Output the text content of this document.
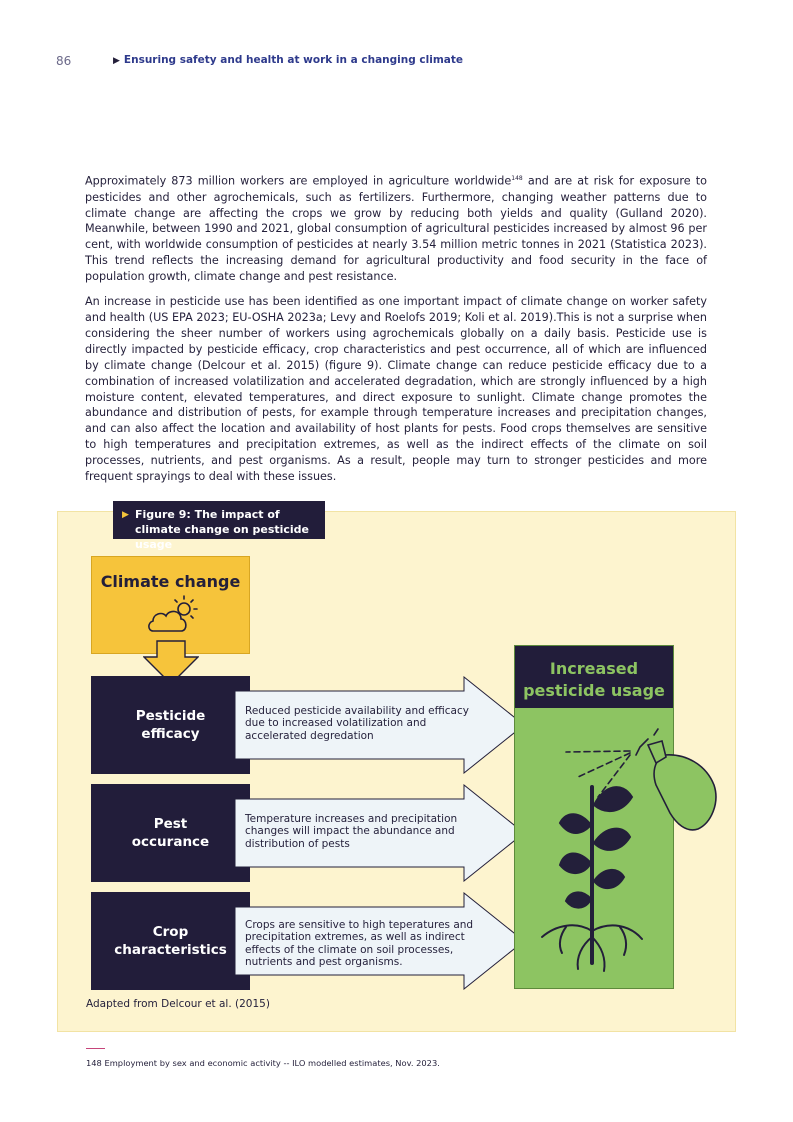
86	▶ Ensuring safety and health at work in a changing climate

Approximately 873 million workers are employed in agriculture worldwide$^{148}$ and are at risk for exposure to pesticides and other agrochemicals, such as fertilizers. Furthermore, changing weather patterns due to climate change are affecting the crops we grow by reducing both yields and quality (Gulland 2020). Meanwhile, between 1990 and 2021, global consumption of agricultural pesticides increased by almost 96 per cent, with worldwide consumption of pesticides at nearly 3.54 million metric tonnes in 2021 (Statistica 2023). This trend reflects the increasing demand for agricultural productivity and food security in the face of population growth, climate change and pest resistance.

An increase in pesticide use has been identified as one important impact of climate change on worker safety and health (US EPA 2023; EU-OSHA 2023a; Levy and Roelofs 2019; Koli et al. 2019).This is not a surprise when considering the sheer number of workers using agrochemicals globally on a daily basis. Pesticide use is directly impacted by pesticide efficacy, crop characteristics and pest occurrence, all of which are influenced by climate change (Delcour et al. 2015) (figure 9). Climate change can reduce pesticide efficacy due to a combination of increased volatilization and accelerated degradation, which are strongly influenced by a high moisture content, elevated temperatures, and direct exposure to sunlight. Climate change promotes the abundance and distribution of pests, for example through temperature increases and precipitation changes, and can also affect the location and availability of host plants for pests. Food crops themselves are sensitive to high temperatures and precipitation extremes, as well as the indirect effects of the climate on soil processes, nutrients, and pest organisms. As a result, people may turn to stronger pesticides and more frequent sprayings to deal with these issues.

▶ Figure 9: The impact of climate change on pesticide usage
Climate change
Pesticide
efficacy
Reduced pesticide availability and efficacy due to increased volatilization and accelerated degredation
Pest
occurance
Temperature increases and precipitation changes will impact the abundance and distribution of pests
Crop
characteristics
Crops are sensitive to high teperatures and precipitation extremes, as well as indirect effects of the climate on soil processes, nutrients and pest organisms.
Increased
pesticide usage
Adapted from Delcour et al. (2015)
148 Employment by sex and economic activity -- ILO modelled estimates, Nov. 2023.
